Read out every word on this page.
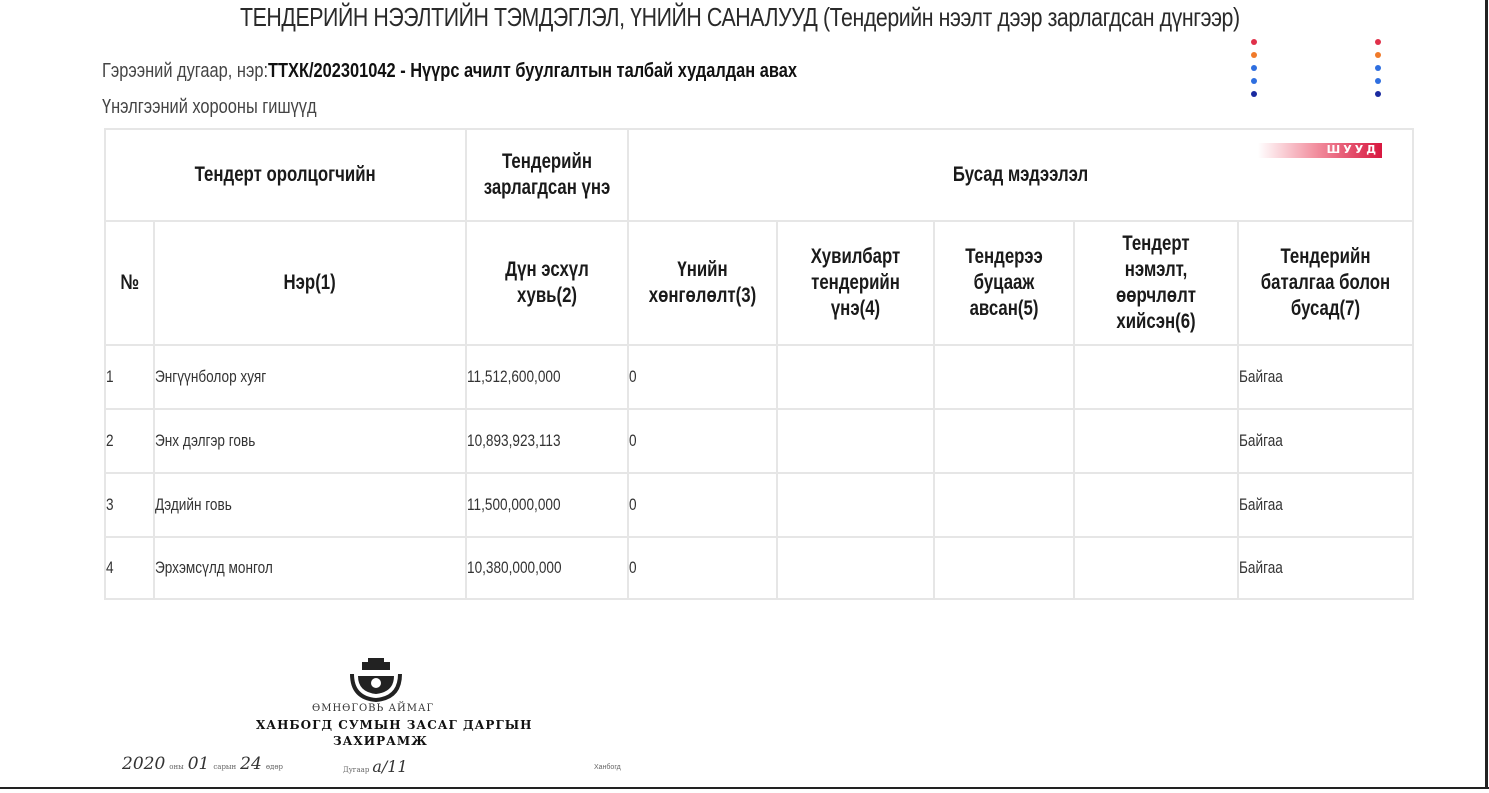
ТЕНДЕРИЙН НЭЭЛТИЙН ТЭМДЭГЛЭЛ, ҮНИЙН САНАЛУУД (Тендерийн нээлт дээр зарлагдсан дүнгээр)
Гэрээний дугаар, нэр:ТТХК/202301042 - Нүүрс ачилт буулгалтын талбай худалдан авах
Үнэлгээний хорооны гишүүд
ШУУД
Тендерт оролцогчийн		Тендерийн зарлагдсан үнэ	Бусад мэдээлэл				
№	Нэр(1)	Дүн эсхүл хувь(2)	Үнийн хөнгөлөлт(3)	Хувилбарт тендерийн үнэ(4)	Тендерээ буцааж авсан(5)	Тендерт нэмэлт, өөрчлөлт хийсэн(6)	Тендерийн баталгаа болон бусад(7)
1	Энгүүнболор хуяг	11,512,600,000	0				Байгаа
2	Энх дэлгэр говь	10,893,923,113	0				Байгаа
3	Дэдийн говь	11,500,000,000	0				Байгаа
4	Эрхэмсүлд монгол	10,380,000,000	0				Байгаа
ӨМНӨГОВЬ АЙМАГ
ХАНБОГД СУМЫН ЗАСАГ ДАРГЫН
ЗАХИРАМЖ
2020 оны 01 сарын 24 өдөр	Дугаар а/11	Ханбогд
